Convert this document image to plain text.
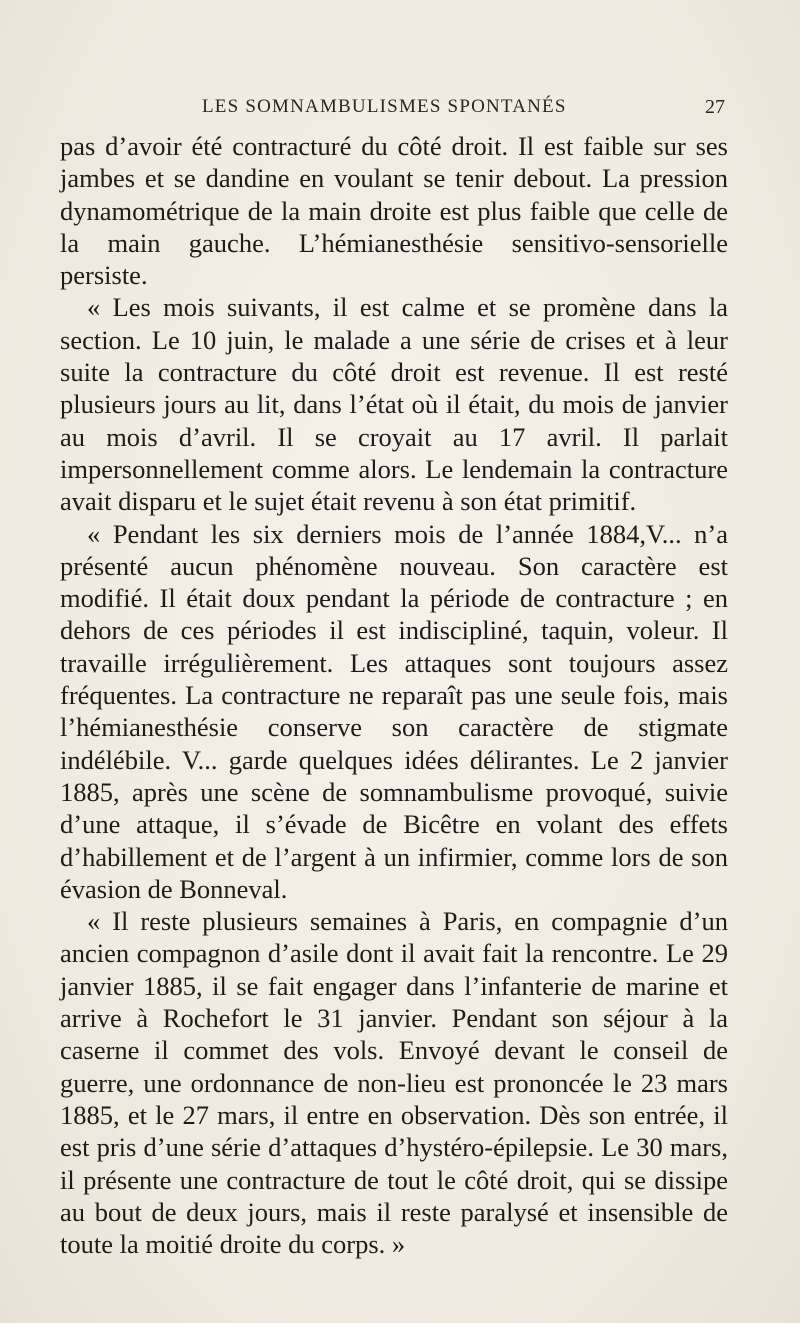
LES SOMNAMBULISMES SPONTANÉS	27

pas d’avoir été contracturé du côté droit. Il est faible sur ses jambes et se dandine en voulant se tenir debout. La pression dynamométrique de la main droite est plus faible que celle de la main gauche. L’hémianesthésie sensitivo-sensorielle persiste.

« Les mois suivants, il est calme et se promène dans la section. Le 10 juin, le malade a une série de crises et à leur suite la contracture du côté droit est revenue. Il est resté plusieurs jours au lit, dans l’état où il était, du mois de janvier au mois d’avril. Il se croyait au 17 avril. Il parlait impersonnellement comme alors. Le lendemain la contracture avait disparu et le sujet était revenu à son état primitif.

« Pendant les six derniers mois de l’année 1884,V... n’a présenté aucun phénomène nouveau. Son caractère est modifié. Il était doux pendant la période de contracture ; en dehors de ces périodes il est indiscipliné, taquin, voleur. Il travaille irrégulièrement. Les attaques sont toujours assez fréquentes. La contracture ne reparaît pas une seule fois, mais l’hémianesthésie conserve son caractère de stigmate indélébile. V... garde quelques idées délirantes. Le 2 janvier 1885, après une scène de somnambulisme provoqué, suivie d’une attaque, il s’évade de Bicêtre en volant des effets d’habillement et de l’argent à un infirmier, comme lors de son évasion de Bonneval.

« Il reste plusieurs semaines à Paris, en compagnie d’un ancien compagnon d’asile dont il avait fait la rencontre. Le 29 janvier 1885, il se fait engager dans l’infanterie de marine et arrive à Rochefort le 31 janvier. Pendant son séjour à la caserne il commet des vols. Envoyé devant le conseil de guerre, une ordonnance de non-lieu est prononcée le 23 mars 1885, et le 27 mars, il entre en observation. Dès son entrée, il est pris d’une série d’attaques d’hystéro-épilepsie. Le 30 mars, il présente une contracture de tout le côté droit, qui se dissipe au bout de deux jours, mais il reste paralysé et insensible de toute la moitié droite du corps. »
